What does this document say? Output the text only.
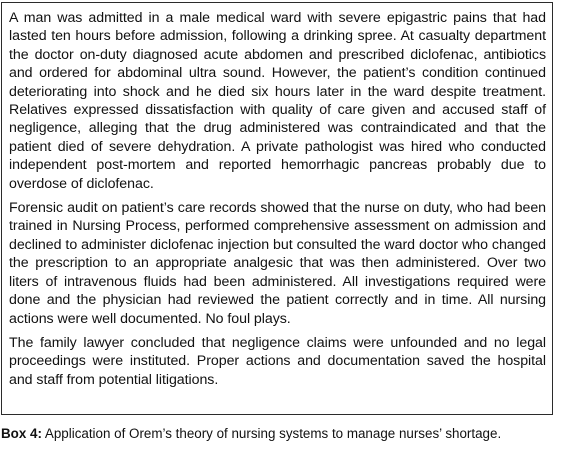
A man was admitted in a male medical ward with severe epigastric pains that had lasted ten hours before admission, following a drinking spree. At casualty department the doctor on-duty diagnosed acute abdomen and prescribed diclofenac, antibiotics and ordered for abdominal ultra sound. However, the patient’s condition continued deteriorating into shock and he died six hours later in the ward despite treatment. Relatives expressed dissatisfaction with quality of care given and accused staff of negligence, alleging that the drug administered was contraindicated and that the patient died of severe dehydration. A private pathologist was hired who conducted independent post-mortem and reported hemorrhagic pancreas probably due to overdose of diclofenac.

Forensic audit on patient’s care records showed that the nurse on duty, who had been trained in Nursing Process, performed comprehensive assessment on admission and declined to administer diclofenac injection but consulted the ward doctor who changed the prescription to an appropriate analgesic that was then administered. Over two liters of intravenous fluids had been administered. All investigations required were done and the physician had reviewed the patient correctly and in time. All nursing actions were well documented. No foul plays.

The family lawyer concluded that negligence claims were unfounded and no legal proceedings were instituted. Proper actions and documentation saved the hospital and staff from potential litigations.

Box 4: Application of Orem’s theory of nursing systems to manage nurses’ shortage.
